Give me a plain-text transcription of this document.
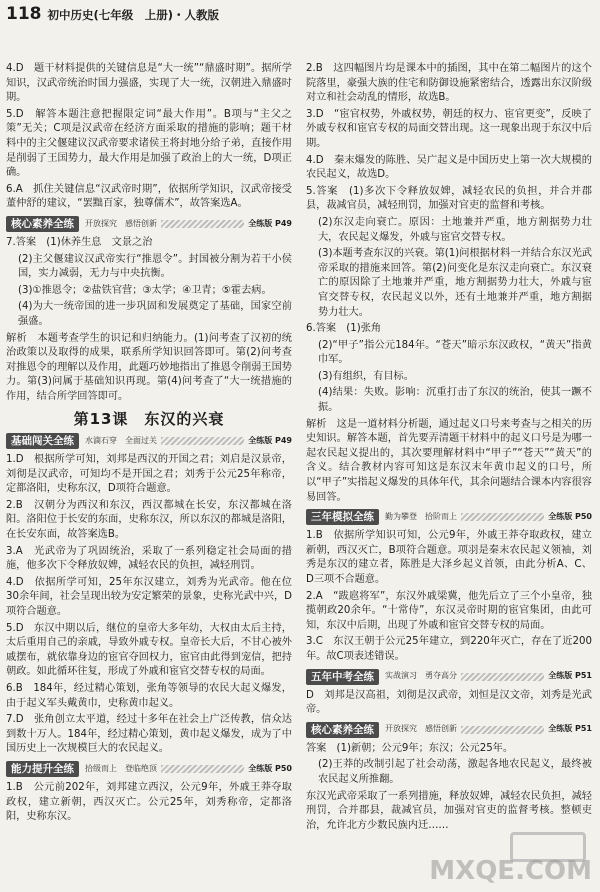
118 初中历史(七年级　上册)・人教版
4.D　题干材料提供的关键信息是“大一统”“鼎盛时期”。据所学知识，汉武帝统治时国力强盛，实现了大一统，汉朝进入鼎盛时期。
5.D　解答本题注意把握限定词“最大作用”。B项与“主父之策”无关；C项是汉武帝在经济方面采取的措施的影响；题干材料中的主父偃建议汉武帝要求诸侯王将封地分给子弟，直接作用是削弱了王国势力，最大作用是加强了政治上的大一统，D项正确。
6.A　抓住关键信息“汉武帝时期”，依据所学知识，汉武帝接受董仲舒的建议，“罢黜百家，独尊儒术”，故答案选A。
核心素养全练	开放探究　感悟创新	全练版 P49
7.答案　(1)休养生息　文景之治
(2)主父偃建议汉武帝实行“推恩令”。封国被分割为若干小侯国，实力减弱，无力与中央抗衡。
(3)①推恩令；②盐铁官营；③太学；④卫青；⑤霍去病。
(4)为大一统帝国的进一步巩固和发展奠定了基础，国家空前强盛。
解析　本题考查学生的识记和归纳能力。(1)问考查了汉初的统治政策以及取得的成果，联系所学知识回答即可。第(2)问考查对推恩令的理解以及作用，此题巧妙地指出了推恩令削弱王国势力。第(3)问属于基础知识再现。第(4)问考查了“大一统措施的作用，结合所学回答即可。
第13课　东汉的兴衰
基础闯关全练	水滴石穿　全面过关	全练版 P49
1.D　根据所学可知，刘邦是西汉的开国之君；刘启是汉景帝，刘彻是汉武帝，可知均不是开国之君；刘秀于公元25年称帝，定都洛阳，史称东汉，D项符合题意。
2.B　汉朝分为西汉和东汉，西汉都城在长安，东汉都城在洛阳。洛阳位于长安的东面，史称东汉，所以东汉的都城是洛阳，在长安东面，故答案选B。
3.A　光武帝为了巩固统治，采取了一系列稳定社会局面的措施，他多次下令释放奴婢，减轻农民的负担，减轻刑罚。
4.D　依据所学可知，25年东汉建立，刘秀为光武帝。他在位30余年间，社会呈现出较为安定繁荣的景象，史称光武中兴，D项符合题意。
5.D　东汉中期以后，继位的皇帝大多年幼，大权由太后主持，太后重用自己的亲戚，导致外戚专权。皇帝长大后，不甘心被外戚摆布，就依靠身边的宦官夺回权力，宦官由此得到宠信，把持朝政。如此循环往复，形成了外戚和宦官交替专权的局面。
6.B　184年，经过精心策划，张角等领导的农民大起义爆发，由于起义军头戴黄巾，史称黄巾起义。
7.D　张角创立太平道，经过十多年在社会上广泛传教，信众达到数十万人。184年，经过精心策划，黄巾起义爆发，成为了中国历史上一次规模巨大的农民起义。
能力提升全练	拾级而上　登临绝顶	全练版 P50
1.B　公元前202年，刘邦建立西汉，公元9年，外戚王莽夺取政权，建立新朝，西汉灭亡。公元25年，刘秀称帝，定都洛阳，史称东汉。
2.B　这四幅图片均是课本中的插图，其中在第二幅图片的这个院落里，豪强大族的住宅和防御设施紧密结合，透露出东汉阶级对立和社会动乱的情形，故选B。
3.D　“宦官权势，外戚权势，朝廷的权力、宦官更变”，反映了外戚专权和宦官专权的局面交替出现。这一现象出现于东汉中后期。
4.D　秦末爆发的陈胜、吴广起义是中国历史上第一次大规模的农民起义，故选D。
5.答案　(1)多次下令释放奴婢，减轻农民的负担，并合并郡县，裁减官员，减轻刑罚，加强对官吏的监督和考核。
(2)东汉走向衰亡。原因：土地兼并严重，地方割据势力壮大，农民起义爆发，外戚与宦官交替专权。
(3)本题考查东汉的兴衰。第(1)问根据材料一并结合东汉光武帝采取的措施来回答。第(2)问变化是东汉走向衰亡。东汉衰亡的原因除了土地兼并严重，地方割据势力壮大，外戚与宦官交替专权，农民起义以外，还有土地兼并严重，地方割据势力壮大。
6.答案　(1)张角
(2)“甲子”指公元184年。“苍天”暗示东汉政权，“黄天”指黄巾军。
(3)有组织，有目标。
(4)结果：失败。影响：沉重打击了东汉的统治，使其一蹶不振。
解析　这是一道材料分析题，通过起义口号来考查与之相关的历史知识。解答本题，首先要弄清题干材料中的起义口号是为哪一起农民起义提出的，其次要理解材料中“甲子”“苍天”“黄天”的含义。结合教材内容可知这是东汉末年黄巾起义的口号，所以“甲子”实指起义爆发的具体年代，其余问题结合课本内容很容易回答。
三年模拟全练	勤为攀登　拾阶而上	全练版 P50
1.B　依据所学知识可知，公元9年，外戚王莽夺取政权，建立新朝，西汉灭亡，B项符合题意。项羽是秦末农民起义领袖，刘秀是东汉的建立者，陈胜是大泽乡起义首领，由此分析A、C、D三项不合题意。
2.A　“跋扈将军”，东汉外戚梁冀，他先后立了三个小皇帝，独揽朝政20余年。“十常侍”，东汉灵帝时期的宦官集团，由此可知，东汉中后期，出现了外戚和宦官交替专权的局面。
3.C　东汉王朝于公元25年建立，到220年灭亡，存在了近200年。故C项表述错误。
五年中考全练	实战演习　勇夺高分	全练版 P51
D　刘邦是汉高祖，刘彻是汉武帝，刘恒是汉文帝，刘秀是光武帝。
核心素养全练	开放探究　感悟创新	全练版 P51
答案　(1)新朝；公元9年；东汉；公元25年。
(2)王莽的改制引起了社会动荡，激起各地农民起义，最终被农民起义所推翻。
东汉光武帝采取了一系列措施，释放奴婢，减轻农民负担，减轻刑罚，合并郡县，裁减官员，加强对官吏的监督考核。整顿吏治，允许北方少数民族内迁……
MXQE.COM
